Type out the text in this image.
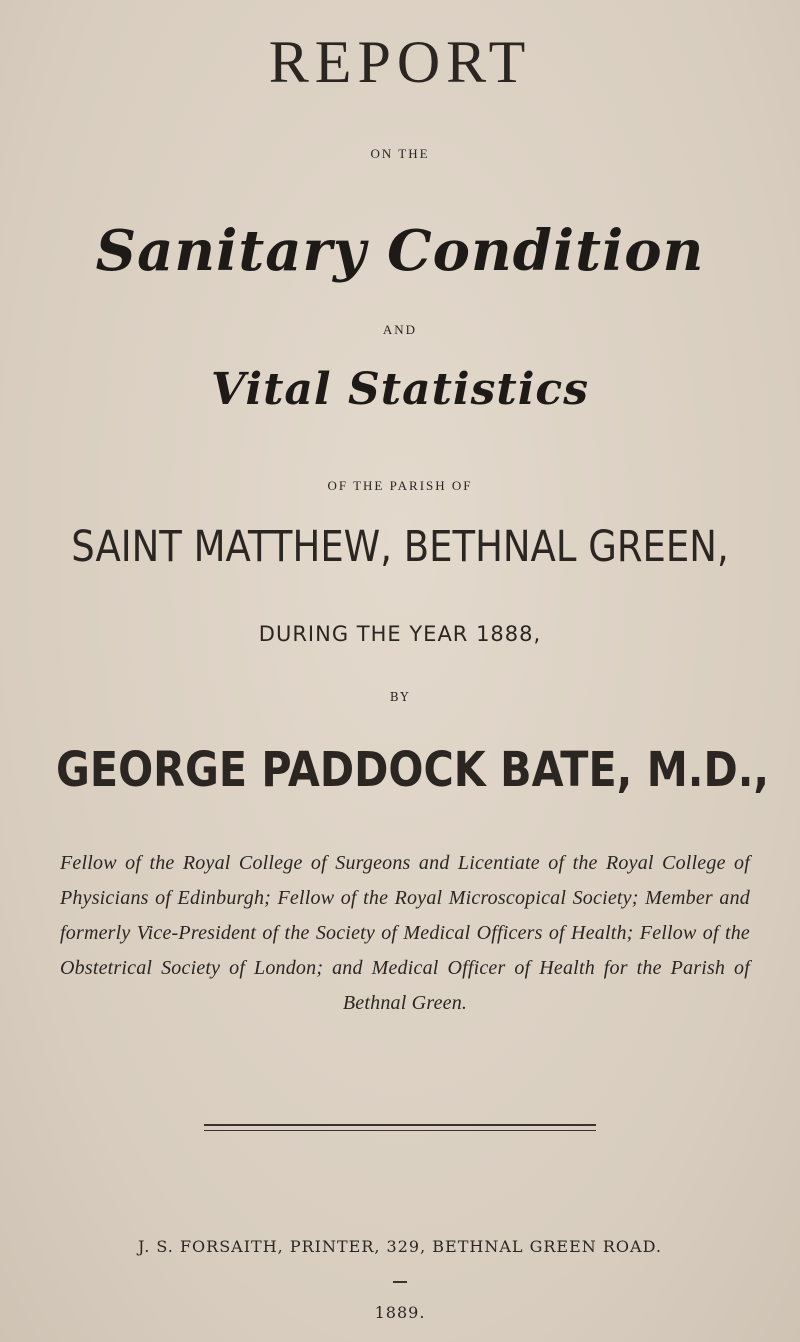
REPORT
ON THE
Sanitary Condition
AND
Vital Statistics
OF THE PARISH OF
SAINT MATTHEW, BETHNAL GREEN,
DURING THE YEAR 1888,
BY
GEORGE PADDOCK BATE, M.D.,
Fellow of the Royal College of Surgeons and Licentiate of the Royal College of Physicians of Edinburgh; Fellow of the Royal Microscopical Society; Member and formerly Vice-President of the Society of Medical Officers of Health; Fellow of the Obstetrical Society of London; and Medical Officer of Health for the Parish of Bethnal Green.
J. S. FORSAITH, PRINTER, 329, BETHNAL GREEN ROAD.
1889.
